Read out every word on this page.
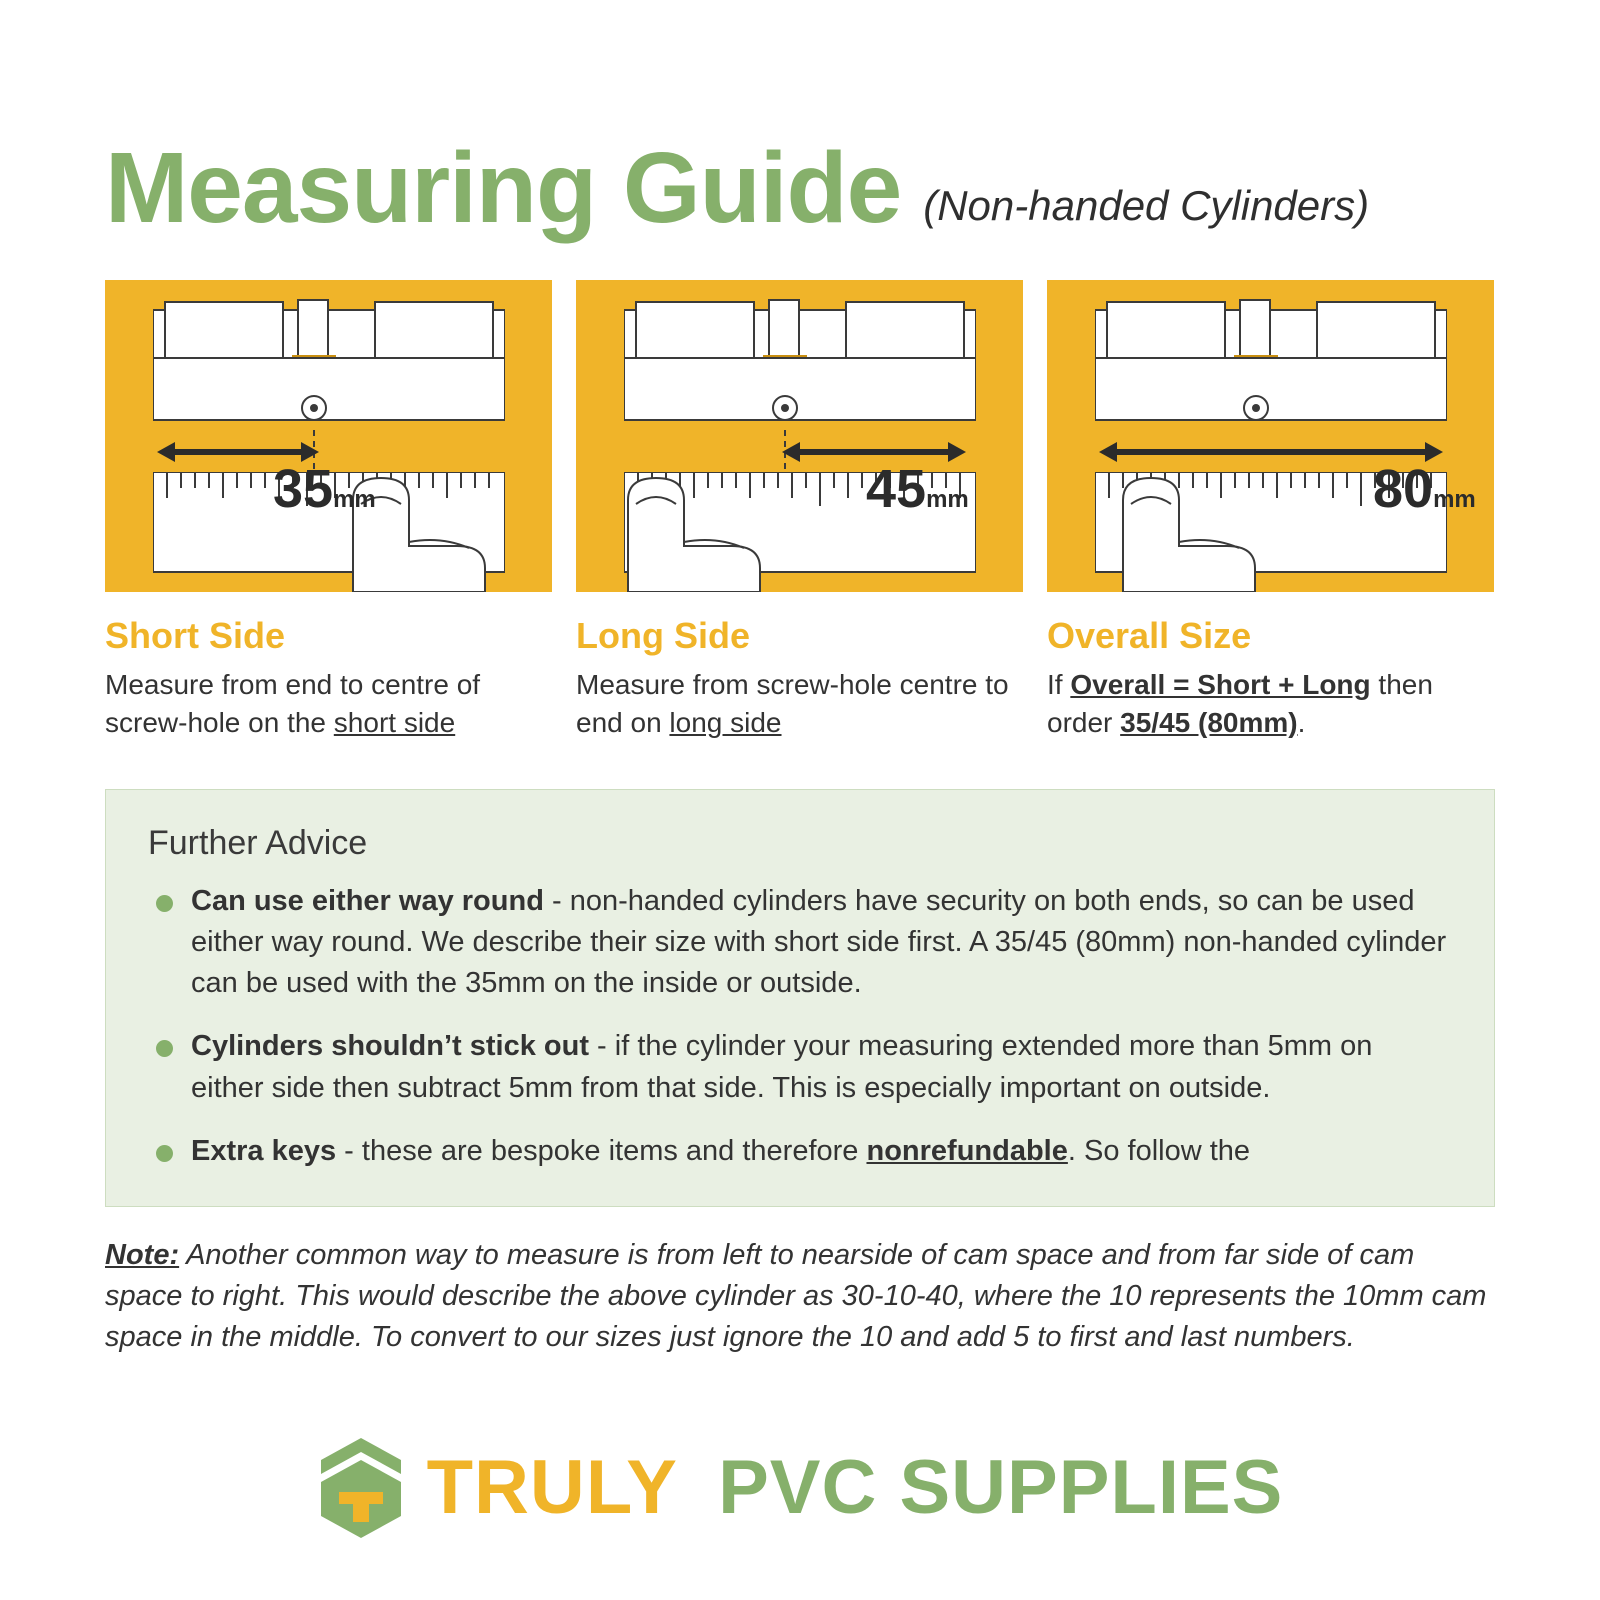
Measuring Guide (Non-handed Cylinders)
35mm
Short Side
Measure from end to centre of screw-hole on the short side
45mm
Long Side
Measure from screw-hole centre to end on long side
80mm
Overall Size
If Overall = Short + Long then order 35/45 (80mm).
Further Advice
Can use either way round - non-handed cylinders have security on both ends, so can be used either way round. We describe their size with short side first. A 35/45 (80mm) non-handed cylinder can be used with the 35mm on the inside or outside.
Cylinders shouldn’t stick out - if the cylinder your measuring extended more than 5mm on either side then subtract 5mm from that side. This is especially important on outside.
Extra keys - these are bespoke items and therefore nonrefundable. So follow the
Note: Another common way to measure is from left to nearside of cam space and from far side of cam space to right. This would describe the above cylinder as 30-10-40, where the 10 represents the 10mm cam space in the middle. To convert to our sizes just ignore the 10 and add 5 to first and last numbers.
TRULY PVC SUPPLIES
